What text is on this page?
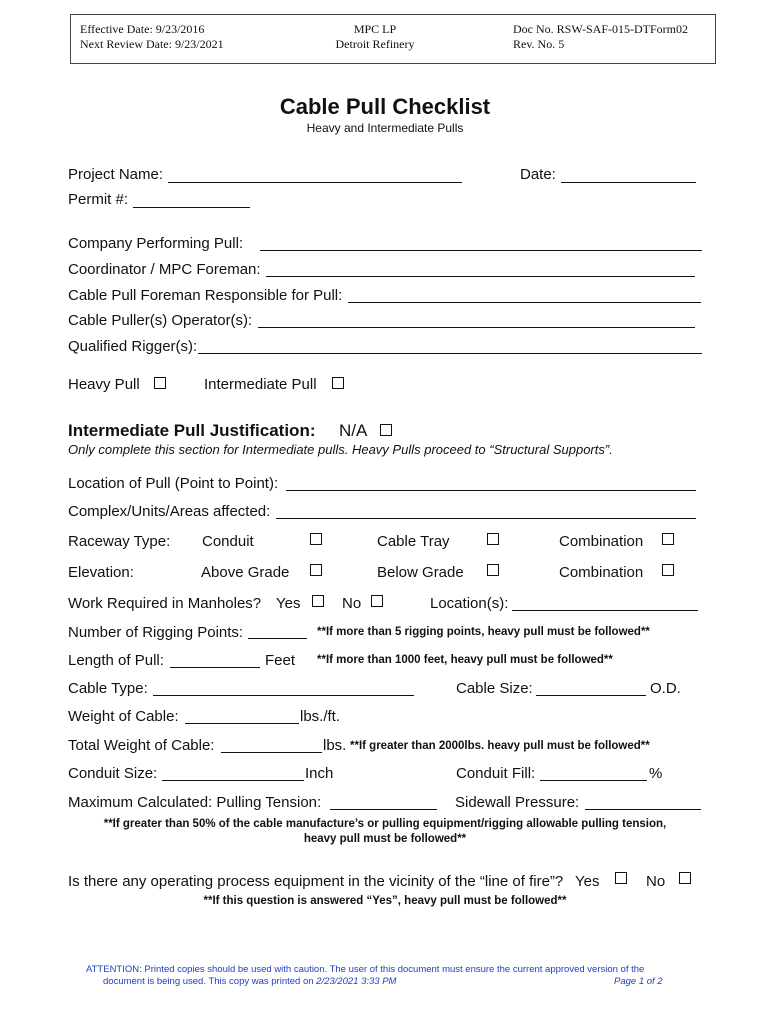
Effective Date: 9/23/2016
Next Review Date: 9/23/2021
MPC LP
Detroit Refinery
Doc No. RSW-SAF-015-DTForm02
Rev. No. 5
Cable Pull Checklist
Heavy and Intermediate Pulls
Project Name:	Date:
Permit #:
Company Performing Pull:
Coordinator / MPC Foreman:
Cable Pull Foreman Responsible for Pull:
Cable Puller(s) Operator(s):
Qualified Rigger(s):
Heavy Pull	Intermediate Pull
Intermediate Pull Justification: N/A
Only complete this section for Intermediate pulls. Heavy Pulls proceed to “Structural Supports”.
Location of Pull (Point to Point):
Complex/Units/Areas affected:
Raceway Type: Conduit	Cable Tray	Combination
Elevation:	Above Grade	Below Grade	Combination
Work Required in Manholes? Yes	No	Location(s):
Number of Rigging Points:	**If more than 5 rigging points, heavy pull must be followed**
Length of Pull:	Feet **If more than 1000 feet, heavy pull must be followed**
Cable Type:	Cable Size:	O.D.
Weight of Cable:	lbs./ft.
Total Weight of Cable:	lbs. **If greater than 2000lbs. heavy pull must be followed**
Conduit Size:	Inch	Conduit Fill:	%
Maximum Calculated: Pulling Tension:	Sidewall Pressure:
**If greater than 50% of the cable manufacture’s or pulling equipment/rigging allowable pulling tension,
heavy pull must be followed**
Is there any operating process equipment in the vicinity of the “line of fire”? Yes	No
**If this question is answered “Yes”, heavy pull must be followed**
ATTENTION: Printed copies should be used with caution. The user of this document must ensure the current approved version of the
document is being used. This copy was printed on 2/23/2021 3:33 PM	Page 1 of 2
